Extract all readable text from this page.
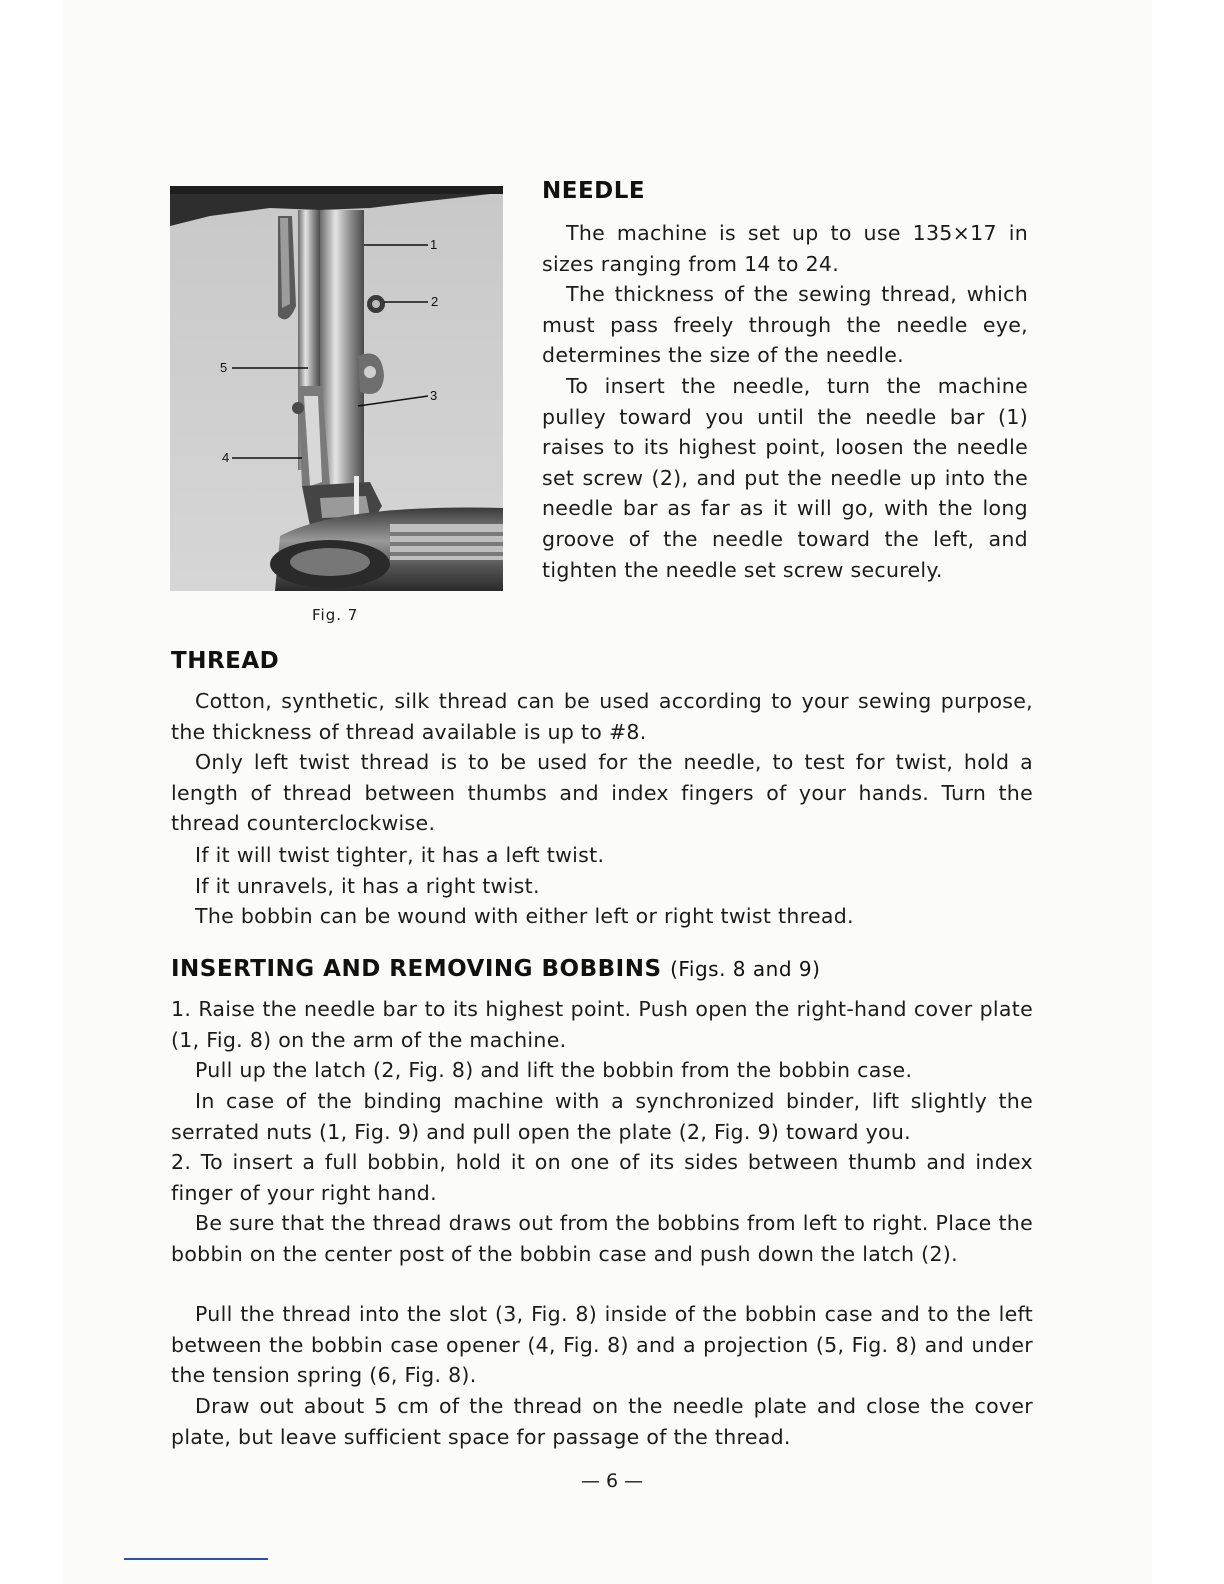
1
2
3
4
5
Fig. 7
NEEDLE

The machine is set up to use 135×17 in sizes ranging from 14 to 24.

The thickness of the sewing thread, which must pass freely through the needle eye, determines the size of the needle.

To insert the needle, turn the machine pulley toward you until the needle bar (1) raises to its highest point, loosen the needle set screw (2), and put the needle up into the needle bar as far as it will go, with the long groove of the needle toward the left, and tighten the needle set screw securely.

THREAD

Cotton, synthetic, silk thread can be used according to your sewing purpose, the thickness of thread available is up to #8.

Only left twist thread is to be used for the needle, to test for twist, hold a length of thread between thumbs and index fingers of your hands. Turn the thread counterclockwise.

If it will twist tighter, it has a left twist.

If it unravels, it has a right twist.

The bobbin can be wound with either left or right twist thread.

INSERTING AND REMOVING BOBBINS (Figs. 8 and 9)

1. Raise the needle bar to its highest point. Push open the right-hand cover plate (1, Fig. 8) on the arm of the machine.

Pull up the latch (2, Fig. 8) and lift the bobbin from the bobbin case.

In case of the binding machine with a synchronized binder, lift slightly the serrated nuts (1, Fig. 9) and pull open the plate (2, Fig. 9) toward you.

2. To insert a full bobbin, hold it on one of its sides between thumb and index finger of your right hand.

Be sure that the thread draws out from the bobbins from left to right. Place the bobbin on the center post of the bobbin case and push down the latch (2).

Pull the thread into the slot (3, Fig. 8) inside of the bobbin case and to the left between the bobbin case opener (4, Fig. 8) and a projection (5, Fig. 8) and under the tension spring (6, Fig. 8).

Draw out about 5 cm of the thread on the needle plate and close the cover plate, but leave sufficient space for passage of the thread.

— 6 —
